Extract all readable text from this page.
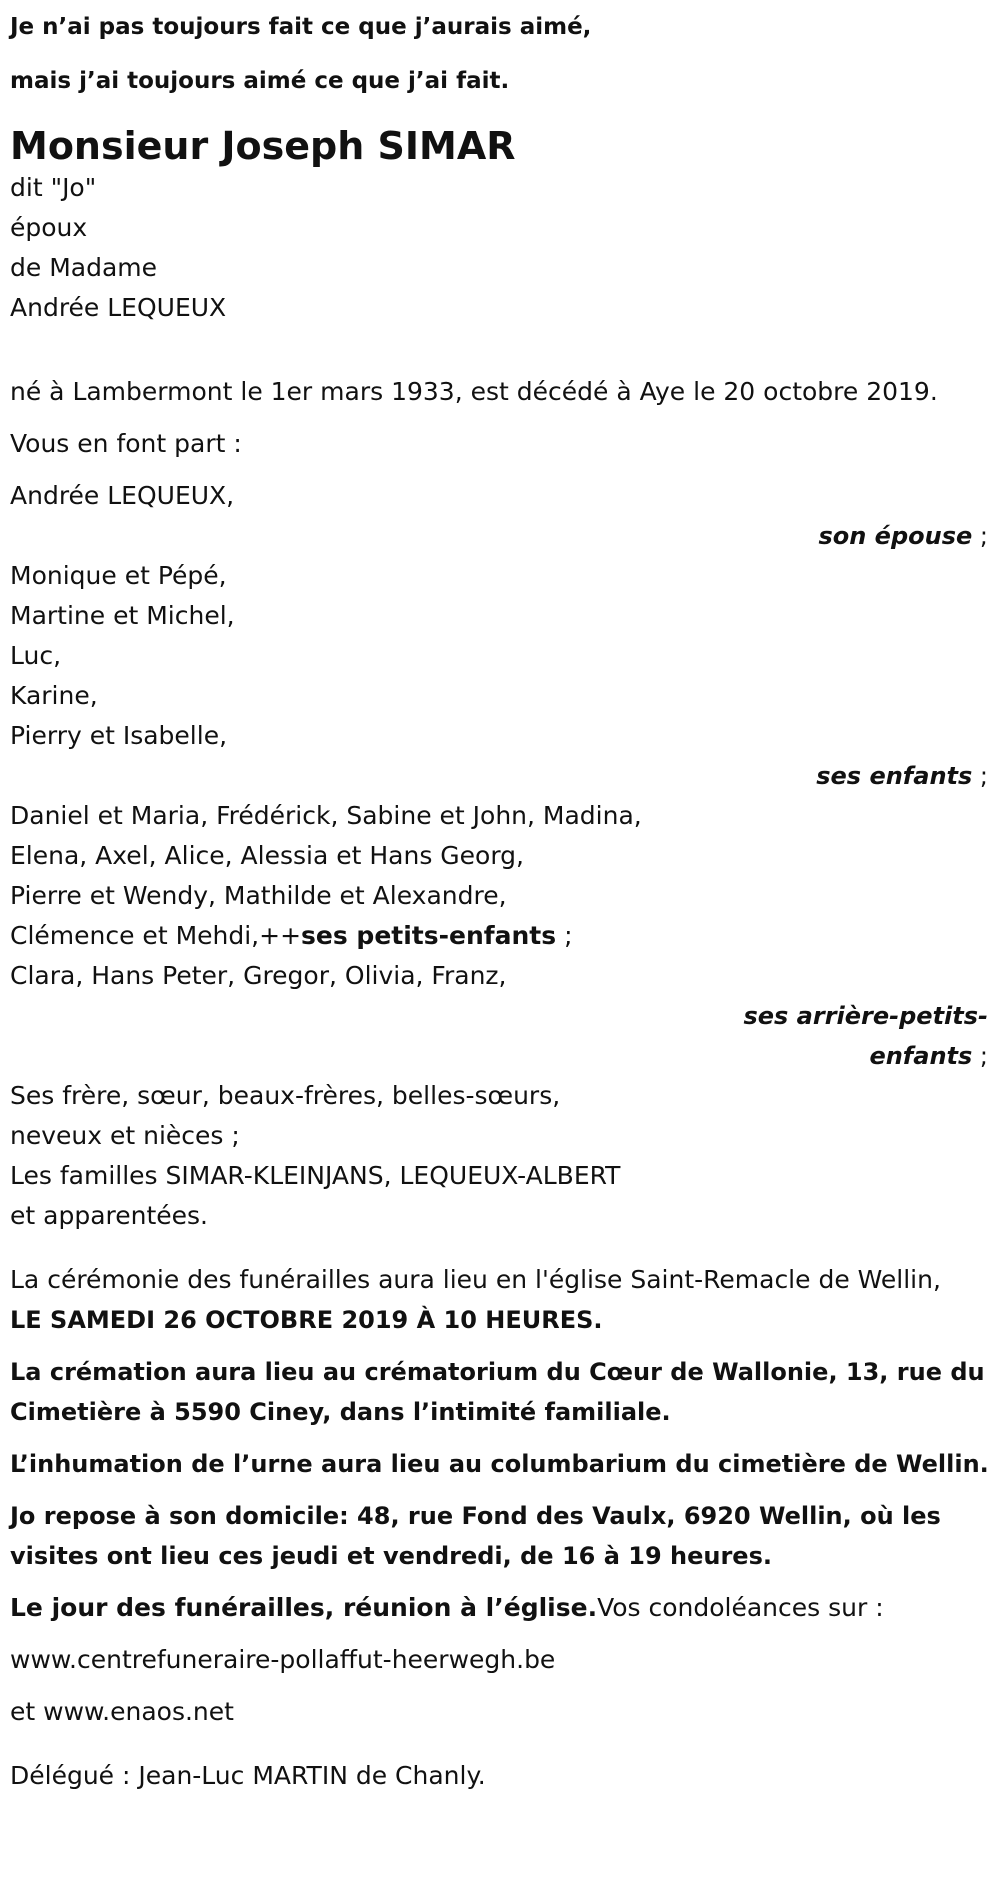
Je n’ai pas toujours fait ce que j’aurais aimé,

mais j’ai toujours aimé ce que j’ai fait.

Monsieur Joseph SIMAR

dit "Jo"

époux

de Madame

Andrée LEQUEUX

né à Lambermont le 1er mars 1933, est décédé à Aye le 20 octobre 2019.

Vous en font part :

Andrée LEQUEUX,

son épouse ;

Monique et Pépé,

Martine et Michel,

Luc,

Karine,

Pierry et Isabelle,

ses enfants ;

Daniel et Maria, Frédérick, Sabine et John, Madina,

Elena, Axel, Alice, Alessia et Hans Georg,

Pierre et Wendy, Mathilde et Alexandre,

Clémence et Mehdi,++ses petits-enfants ;

Clara, Hans Peter, Gregor, Olivia, Franz,

ses arrière-petits-
enfants ;

Ses frère, sœur, beaux-frères, belles-sœurs,

neveux et nièces ;

Les familles SIMAR-KLEINJANS, LEQUEUX-ALBERT

et apparentées.

La cérémonie des funérailles aura lieu en l'église Saint-Remacle de Wellin,

LE SAMEDI 26 OCTOBRE 2019 À 10 HEURES.

La crémation aura lieu au crématorium du Cœur de Wallonie, 13, rue du Cimetière à 5590 Ciney, dans l’intimité familiale.

L’inhumation de l’urne aura lieu au columbarium du cimetière de Wellin.

Jo repose à son domicile: 48, rue Fond des Vaulx, 6920 Wellin, où les visites ont lieu ces jeudi et vendredi, de 16 à 19 heures.

Le jour des funérailles, réunion à l’église.Vos condoléances sur :

www.centrefuneraire-pollaffut-heerwegh.be

et www.enaos.net

Délégué : Jean-Luc MARTIN de Chanly.
